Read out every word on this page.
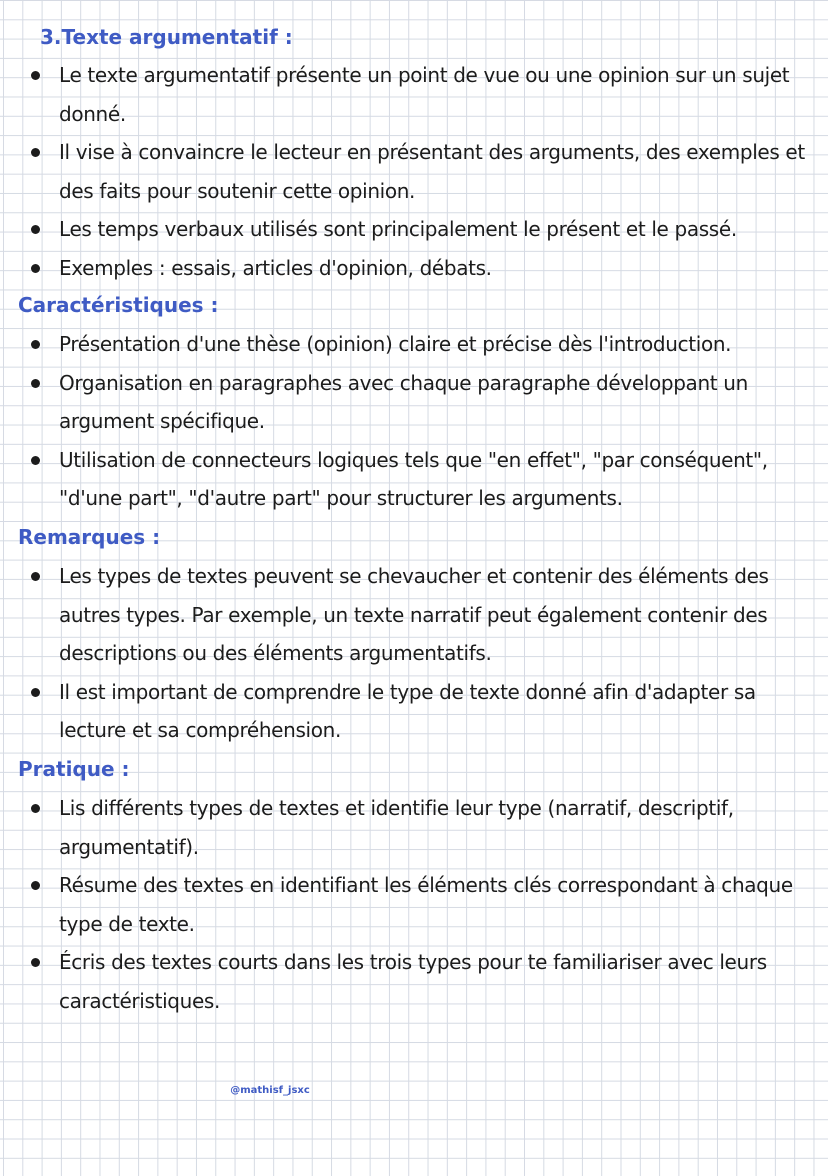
3.Texte argumentatif :
Le texte argumentatif présente un point de vue ou une opinion sur un sujet donné.
Il vise à convaincre le lecteur en présentant des arguments, des exemples et des faits pour soutenir cette opinion.
Les temps verbaux utilisés sont principalement le présent et le passé.
Exemples : essais, articles d'opinion, débats.
Caractéristiques :
Présentation d'une thèse (opinion) claire et précise dès l'introduction.
Organisation en paragraphes avec chaque paragraphe développant un argument spécifique.
Utilisation de connecteurs logiques tels que "en effet", "par conséquent", "d'une part", "d'autre part" pour structurer les arguments.
Remarques :
Les types de textes peuvent se chevaucher et contenir des éléments des autres types. Par exemple, un texte narratif peut également contenir des descriptions ou des éléments argumentatifs.
Il est important de comprendre le type de texte donné afin d'adapter sa lecture et sa compréhension.
Pratique :
Lis différents types de textes et identifie leur type (narratif, descriptif, argumentatif).
Résume des textes en identifiant les éléments clés correspondant à chaque type de texte.
Écris des textes courts dans les trois types pour te familiariser avec leurs caractéristiques.
@mathisf_jsxc
